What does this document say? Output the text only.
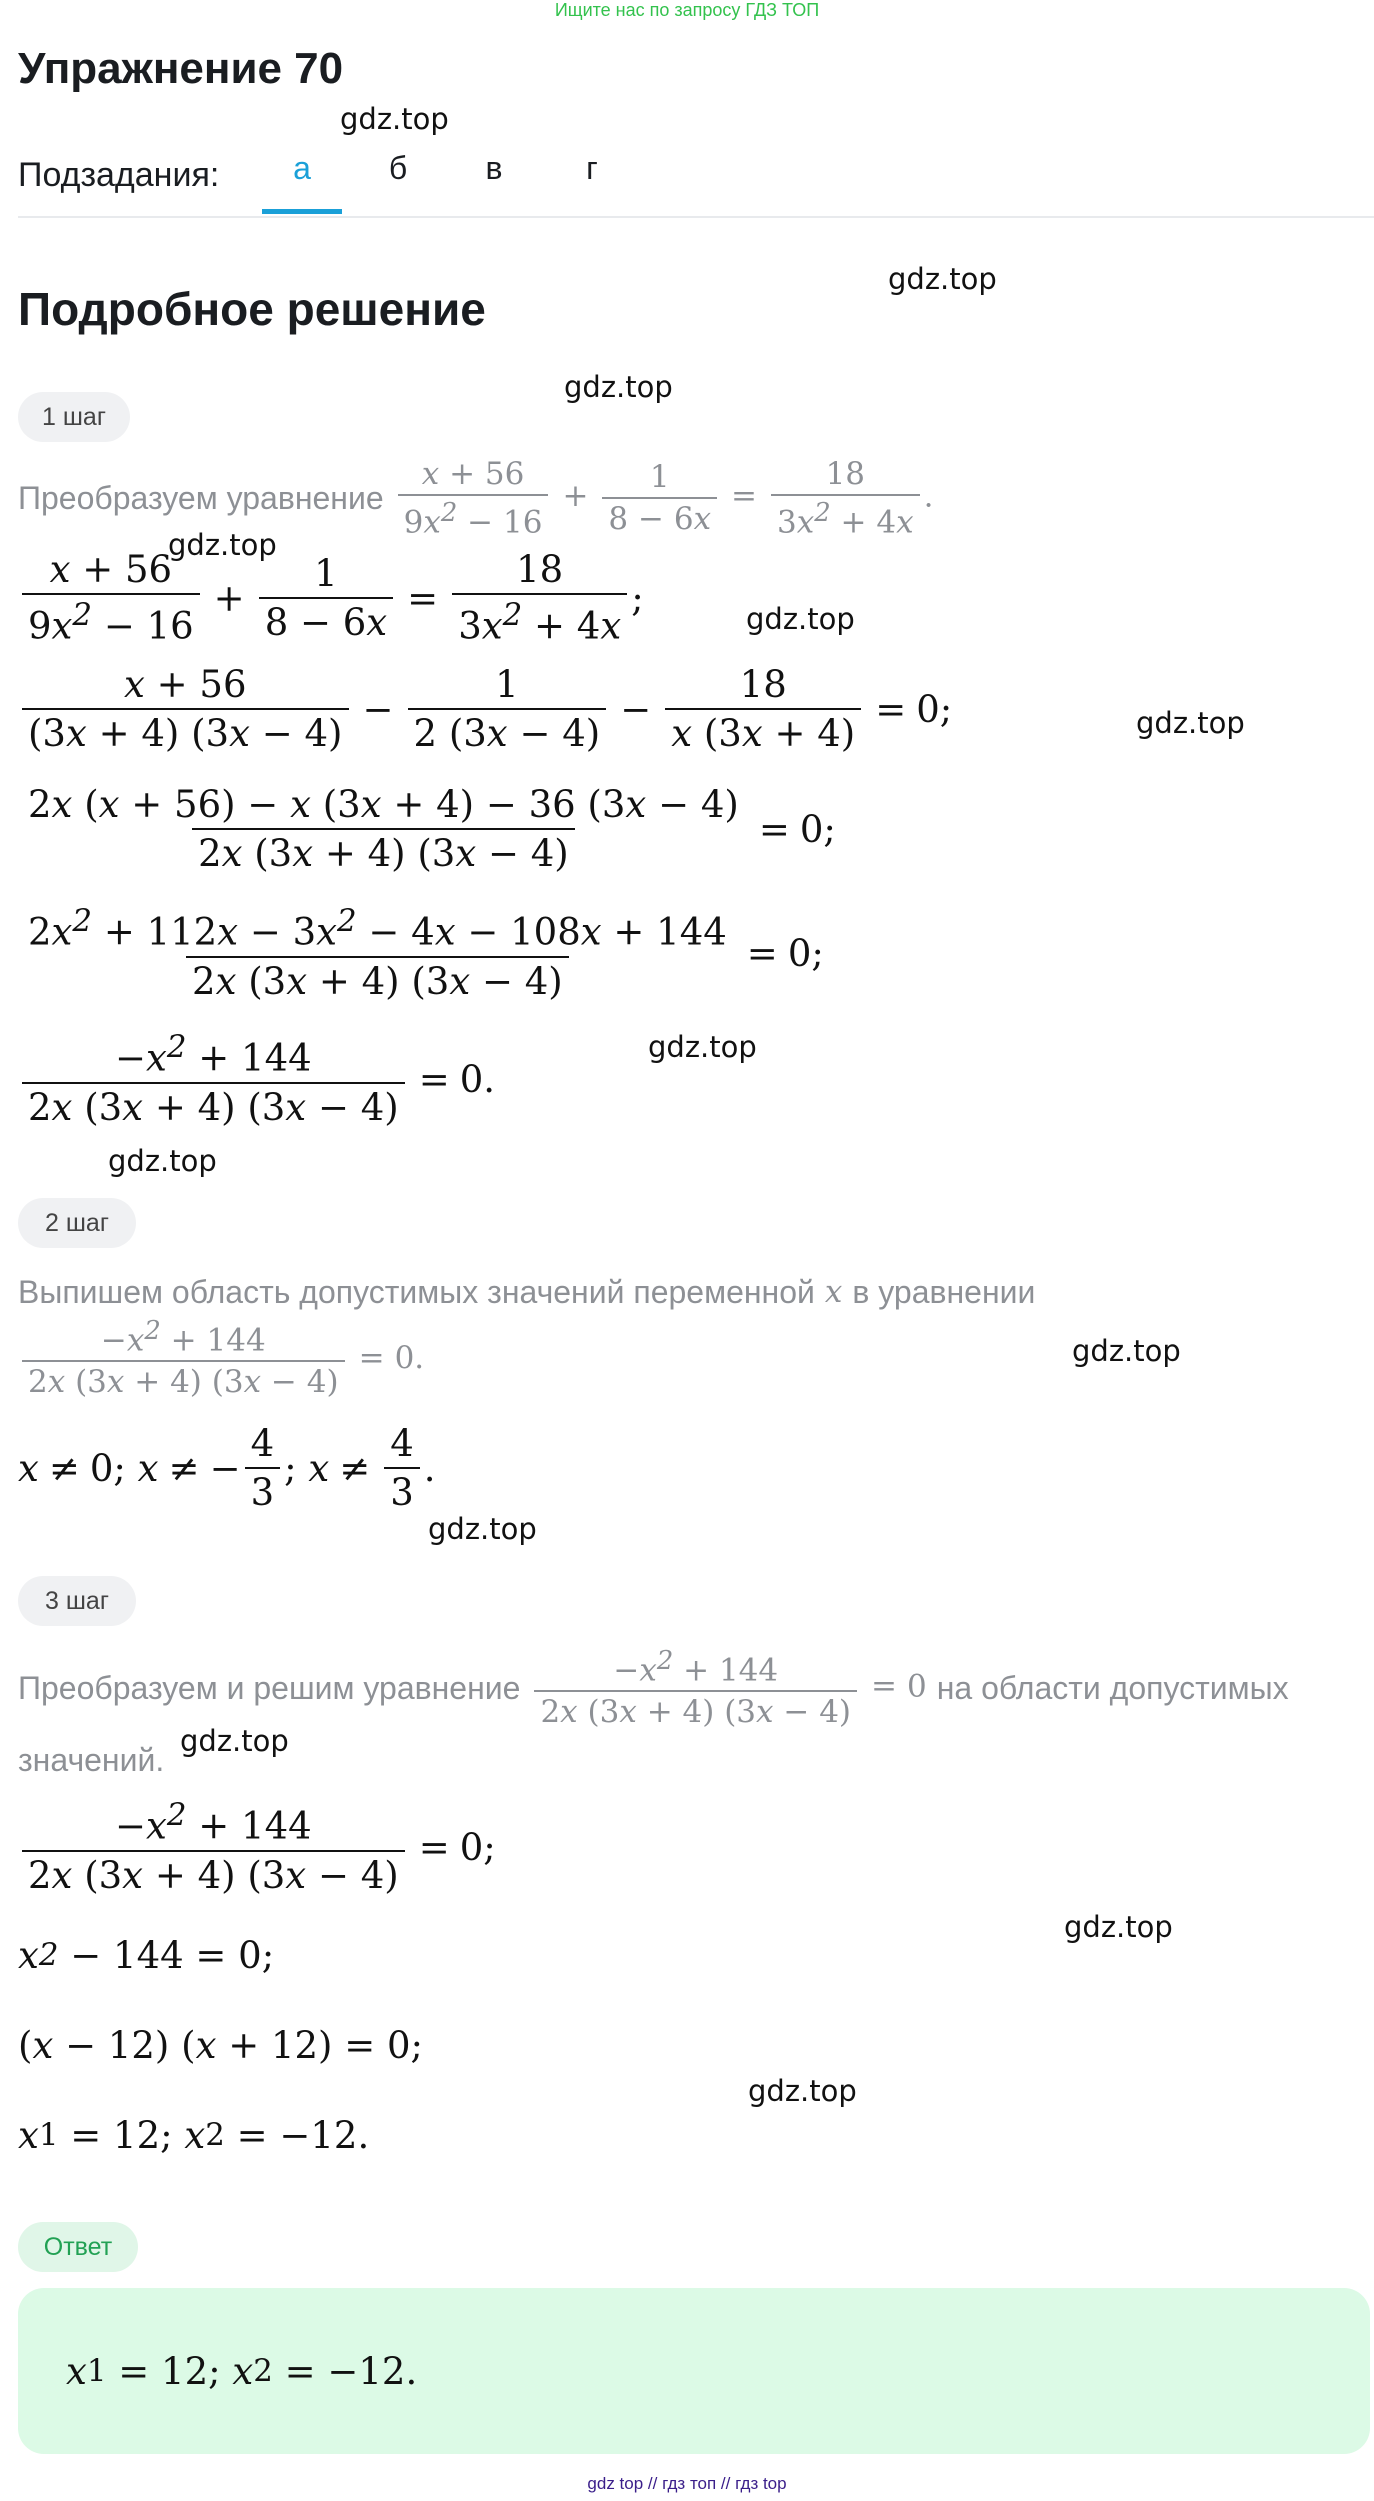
Ищите нас по запросу ГДЗ ТОП
Упражнение 70
gdz.top
gdz.top
gdz.top
gdz.top
gdz.top
gdz.top
gdz.top
gdz.top
gdz.top
gdz.top
gdz.top
gdz.top
gdz.top
Подзадания:	а	б	в	г
Подробное решение
1 шаг
Преобразуем уравнение $\frac{x + 56}{9x^2 - 16} + \frac{1}{8 - 6x} = \frac{18}{3x^2 + 4x}$ .
$\frac{x + 56}{9x^2 - 16} + \frac{1}{8 - 6x} = \frac{18}{3x^2 + 4x}$ ;
$\frac{x + 56}{(3x + 4) (3x - 4)} - \frac{1}{2 (3x - 4)} - \frac{18}{x (3x + 4)} = 0$;
$\frac{2x (x + 56) - x (3x + 4) - 36 (3x - 4)}{2x (3x + 4) (3x - 4)} = 0$;
$\frac{2x^2 + 112x - 3x^2 - 4x - 108x + 144}{2x (3x + 4) (3x - 4)} = 0$;
$\frac{-x^2 + 144}{2x (3x + 4) (3x - 4)} = 0$.
2 шаг
Выпишем область допустимых значений переменной x в уравнении
$\frac{-x^2 + 144}{2x (3x + 4) (3x - 4)} = 0$.
x ≠ 0; x ≠ − $\frac{4}{3}$ ; $x \ne \frac{4}{3}$ .
3 шаг
Преобразуем и решим уравнение $\frac{-x^2 + 144}{2x (3x + 4) (3x - 4)} = 0$ на области допустимых
значений.
$\frac{-x^2 + 144}{2x (3x + 4) (3x - 4)} = 0$;
x 2
− 144 = 0;
( x − 12) ( x + 12) = 0;
x 1
= 12; x 2
= −12.
Ответ
x 1
= 12; x 2
= −12.
gdz top // гдз топ // гдз top
